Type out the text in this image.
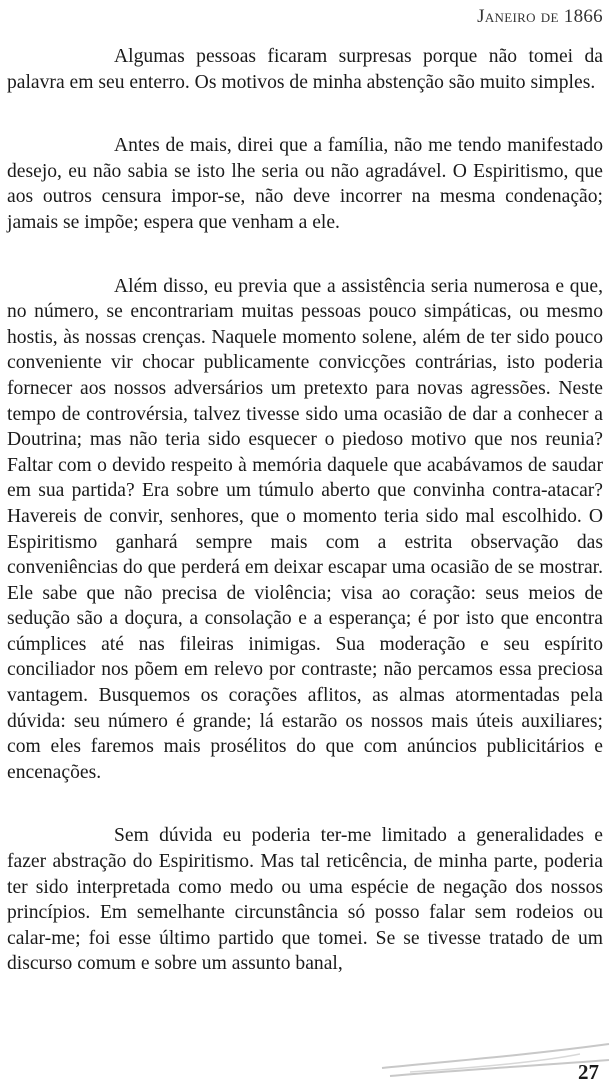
Janeiro de 1866

Algumas pessoas ficaram surpresas porque não tomei da palavra em seu enterro. Os motivos de minha abstenção são muito simples.

Antes de mais, direi que a família, não me tendo manifestado desejo, eu não sabia se isto lhe seria ou não agradável. O Espiritismo, que aos outros censura impor-se, não deve incorrer na mesma condenação; jamais se impõe; espera que venham a ele.

Além disso, eu previa que a assistência seria numerosa e que, no número, se encontrariam muitas pessoas pouco simpáticas, ou mesmo hostis, às nossas crenças. Naquele momento solene, além de ter sido pouco conveniente vir chocar publicamente convicções contrárias, isto poderia fornecer aos nossos adversários um pretexto para novas agressões. Neste tempo de controvérsia, talvez tivesse sido uma ocasião de dar a conhecer a Doutrina; mas não teria sido esquecer o piedoso motivo que nos reunia? Faltar com o devido respeito à memória daquele que acabávamos de saudar em sua partida? Era sobre um túmulo aberto que convinha contra-atacar? Havereis de convir, senhores, que o momento teria sido mal escolhido. O Espiritismo ganhará sempre mais com a estrita observação das conveniências do que perderá em deixar escapar uma ocasião de se mostrar. Ele sabe que não precisa de violência; visa ao coração: seus meios de sedução são a doçura, a consolação e a esperança; é por isto que encontra cúmplices até nas fileiras inimigas. Sua moderação e seu espírito conciliador nos põem em relevo por contraste; não percamos essa preciosa vantagem. Busquemos os corações aflitos, as almas atormentadas pela dúvida: seu número é grande; lá estarão os nossos mais úteis auxiliares; com eles faremos mais prosélitos do que com anúncios publicitários e encenações.

Sem dúvida eu poderia ter-me limitado a generalidades e fazer abstração do Espiritismo. Mas tal reticência, de minha parte, poderia ter sido interpretada como medo ou uma espécie de negação dos nossos princípios. Em semelhante circunstância só posso falar sem rodeios ou calar-me; foi esse último partido que tomei. Se se tivesse tratado de um discurso comum e sobre um assunto banal,

27
